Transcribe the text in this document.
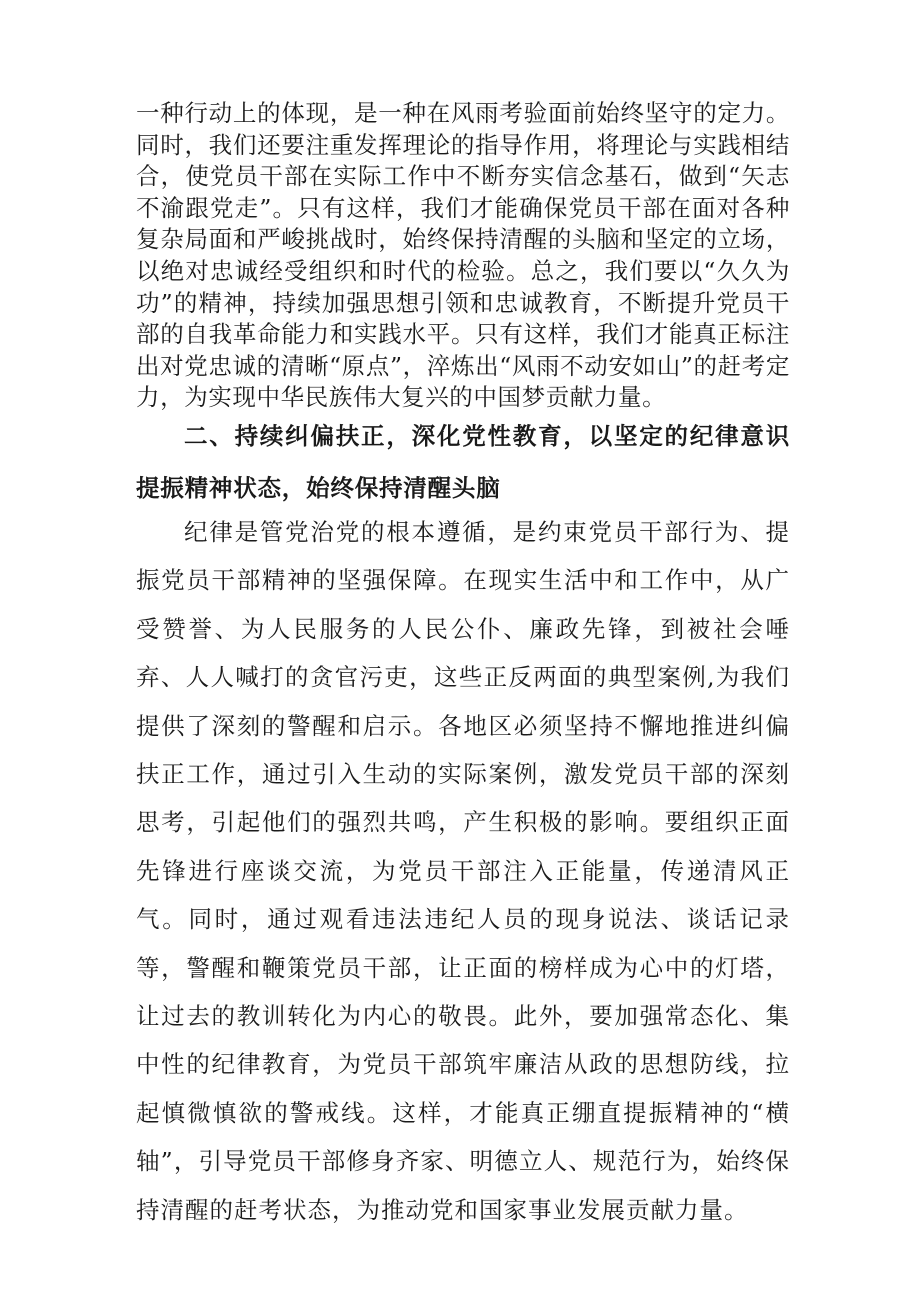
一种行动上的体现，是一种在风雨考验面前始终坚守的定力。同时，我们还要注重发挥理论的指导作用，将理论与实践相结合，使党员干部在实际工作中不断夯实信念基石，做到“矢志不渝跟党走”。只有这样，我们才能确保党员干部在面对各种复杂局面和严峻挑战时，始终保持清醒的头脑和坚定的立场，以绝对忠诚经受组织和时代的检验。总之，我们要以“久久为功”的精神，持续加强思想引领和忠诚教育，不断提升党员干部的自我革命能力和实践水平。只有这样，我们才能真正标注出对党忠诚的清晰“原点”，淬炼出“风雨不动安如山”的赶考定力，为实现中华民族伟大复兴的中国梦贡献力量。

二、持续纠偏扶正，深化党性教育，以坚定的纪律意识提振精神状态，始终保持清醒头脑

纪律是管党治党的根本遵循，是约束党员干部行为、提振党员干部精神的坚强保障。在现实生活中和工作中，从广受赞誉、为人民服务的人民公仆、廉政先锋，到被社会唾弃、人人喊打的贪官污吏，这些正反两面的典型案例,为我们提供了深刻的警醒和启示。各地区必须坚持不懈地推进纠偏扶正工作，通过引入生动的实际案例，激发党员干部的深刻思考，引起他们的强烈共鸣，产生积极的影响。要组织正面先锋进行座谈交流，为党员干部注入正能量，传递清风正气。同时，通过观看违法违纪人员的现身说法、谈话记录等，警醒和鞭策党员干部，让正面的榜样成为心中的灯塔，让过去的教训转化为内心的敬畏。此外，要加强常态化、集中性的纪律教育，为党员干部筑牢廉洁从政的思想防线，拉起慎微慎欲的警戒线。这样，才能真正绷直提振精神的“横轴”，引导党员干部修身齐家、明德立人、规范行为，始终保持清醒的赶考状态，为推动党和国家事业发展贡献力量。
